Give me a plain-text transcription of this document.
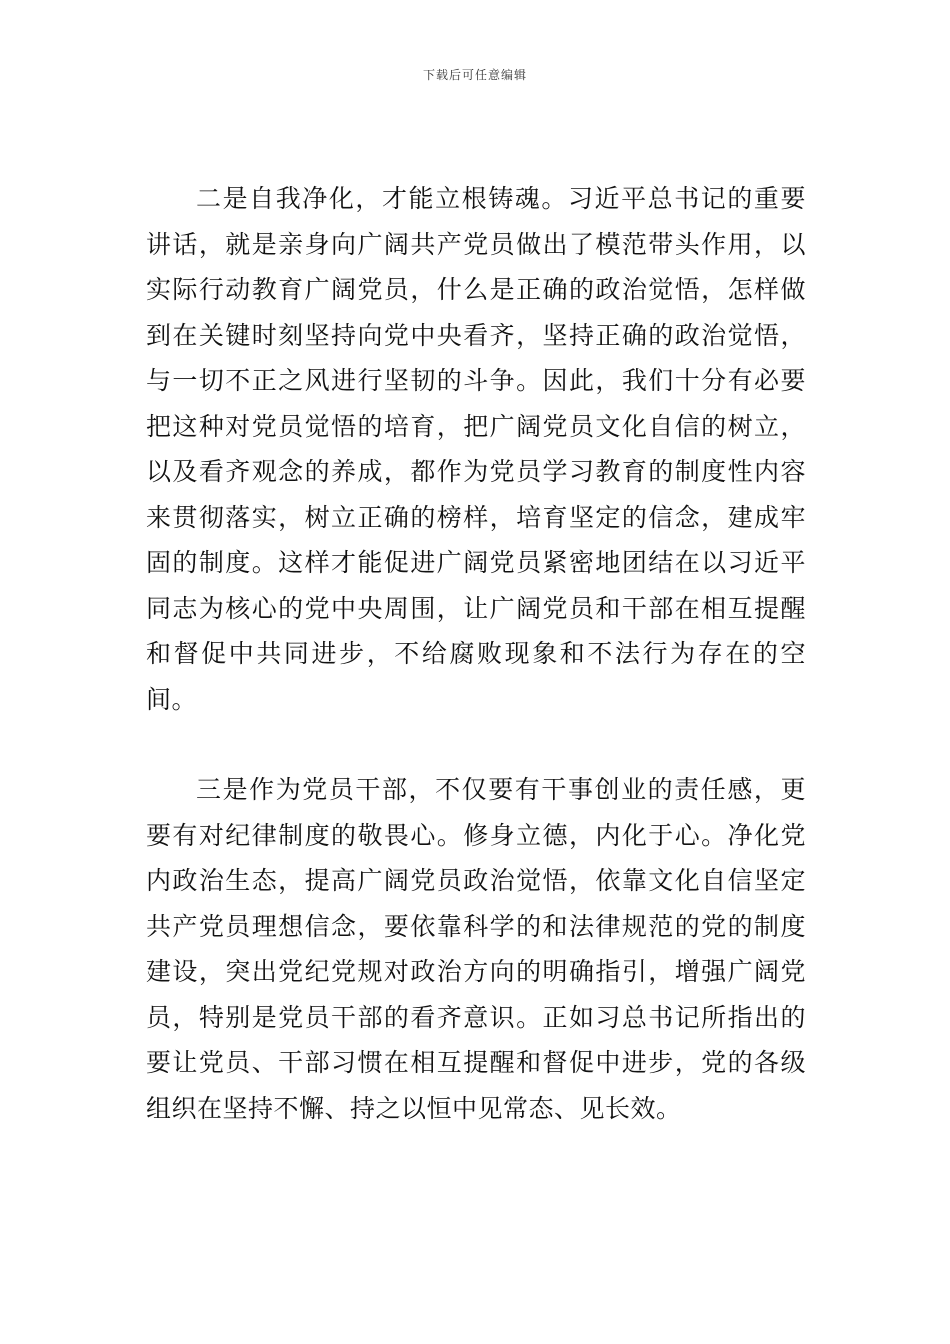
下载后可任意编辑

二是自我净化，才能立根铸魂。习近平总书记的重要讲话，就是亲身向广阔共产党员做出了模范带头作用，以实际行动教育广阔党员，什么是正确的政治觉悟，怎样做到在关键时刻坚持向党中央看齐，坚持正确的政治觉悟，与一切不正之风进行坚韧的斗争。因此，我们十分有必要把这种对党员觉悟的培育，把广阔党员文化自信的树立，以及看齐观念的养成，都作为党员学习教育的制度性内容来贯彻落实，树立正确的榜样，培育坚定的信念，建成牢固的制度。这样才能促进广阔党员紧密地团结在以习近平同志为核心的党中央周围，让广阔党员和干部在相互提醒和督促中共同进步，不给腐败现象和不法行为存在的空间。

三是作为党员干部，不仅要有干事创业的责任感，更要有对纪律制度的敬畏心。修身立德，内化于心。净化党内政治生态，提高广阔党员政治觉悟，依靠文化自信坚定共产党员理想信念，要依靠科学的和法律规范的党的制度建设，突出党纪党规对政治方向的明确指引，增强广阔党员，特别是党员干部的看齐意识。正如习总书记所指出的要让党员、干部习惯在相互提醒和督促中进步，党的各级组织在坚持不懈、持之以恒中见常态、见长效。
